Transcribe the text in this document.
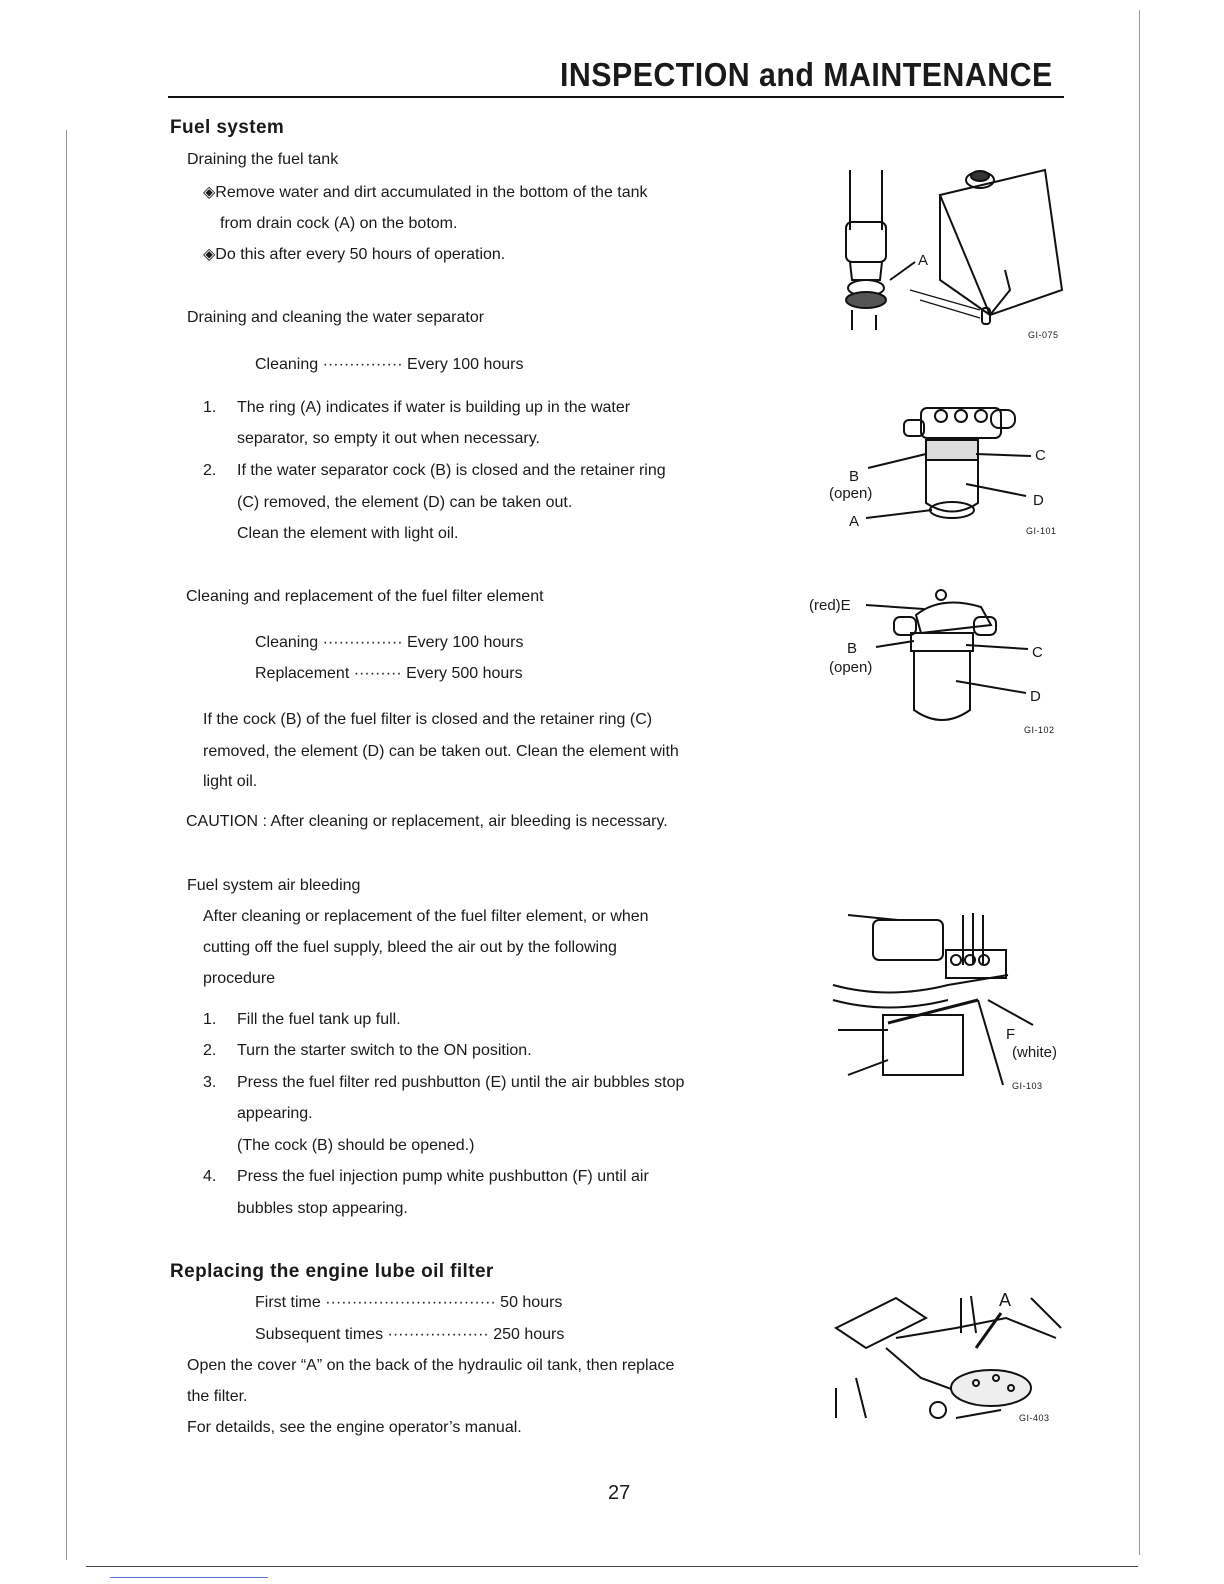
INSPECTION and MAINTENANCE
Fuel system
Draining the fuel tank
◈Remove water and dirt accumulated in the bottom of the tank
from drain cock (A) on the botom.
◈Do this after every 50 hours of operation.
Draining and cleaning the water separator
Cleaning ··············· Every 100 hours
1. The ring (A) indicates if water is building up in the water
separator, so empty it out when necessary.
2. If the water separator cock (B) is closed and the retainer ring
(C) removed, the element (D) can be taken out.
Clean the element with light oil.
Cleaning and replacement of the fuel filter element
Cleaning ··············· Every 100 hours
Replacement ········· Every 500 hours
If the cock (B) of the fuel filter is closed and the retainer ring (C)
removed, the element (D) can be taken out. Clean the element with
light oil.
CAUTION : After cleaning or replacement, air bleeding is necessary.
Fuel system air bleeding
After cleaning or replacement of the fuel filter element, or when
cutting off the fuel supply, bleed the air out by the following
procedure
1. Fill the fuel tank up full.
2. Turn the starter switch to the ON position.
3. Press the fuel filter red pushbutton (E) until the air bubbles stop
appearing.
(The cock (B) should be opened.)
4. Press the fuel injection pump white pushbutton (F) until air
bubbles stop appearing.
Replacing the engine lube oil filter
First time ································ 50 hours
Subsequent times ··················· 250 hours
Open the cover “A” on the back of the hydraulic oil tank, then replace
the filter.
For detailds, see the engine operator’s manual.
A
GI-075
B
(open)
A
C
D
GI-101
(red)E
B
(open)
C
D
GI-102
F
(white)
GI-103
A
GI-403
27
